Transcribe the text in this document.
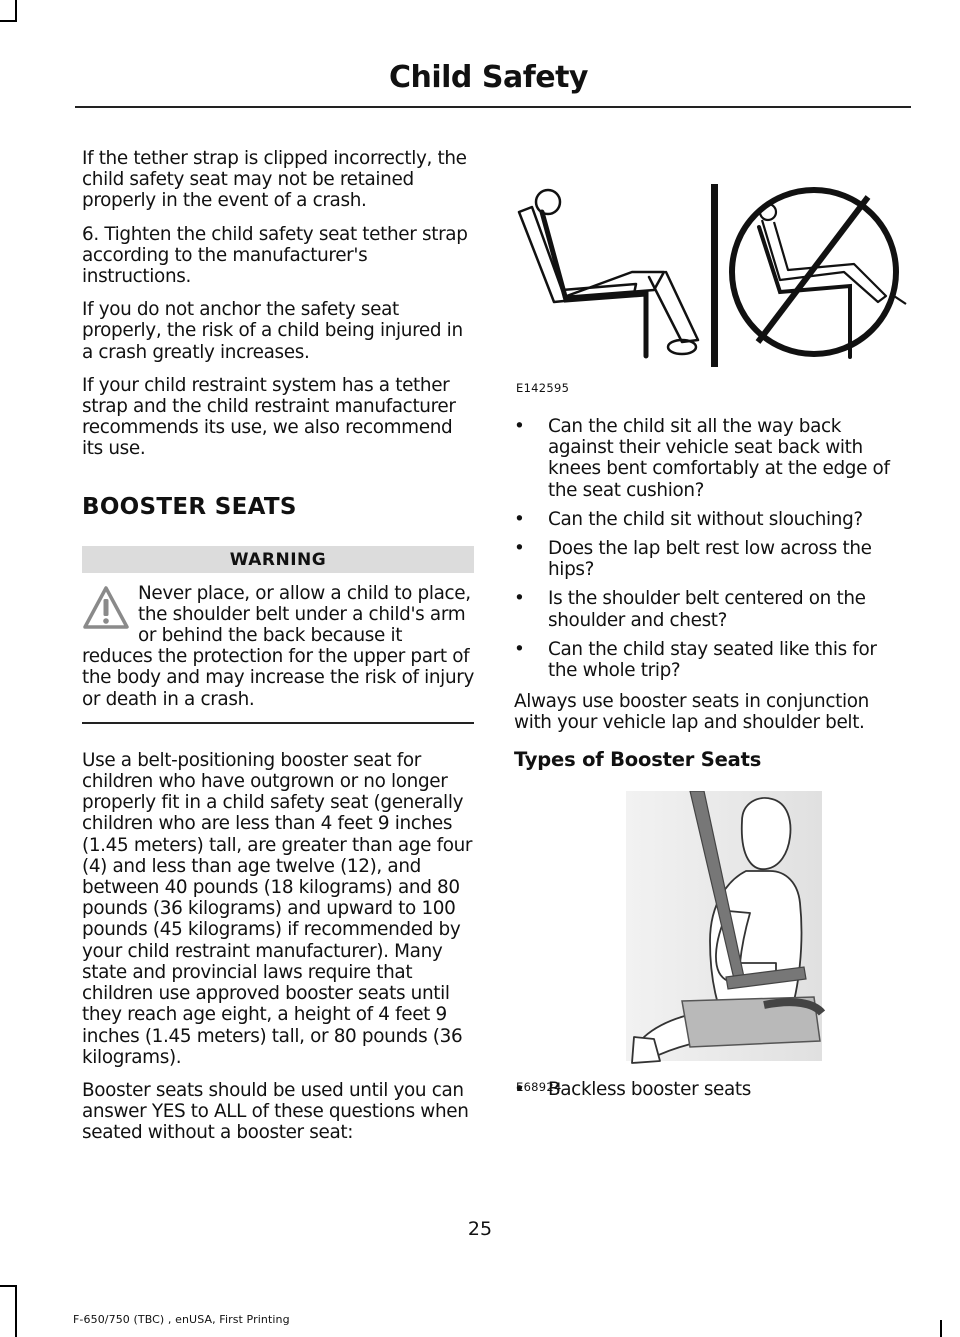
Child Safety

If the tether strap is clipped incorrectly, the child safety seat may not be retained properly in the event of a crash.

6. Tighten the child safety seat tether strap according to the manufacturer's instructions.

If you do not anchor the safety seat properly, the risk of a child being injured in a crash greatly increases.

If your child restraint system has a tether strap and the child restraint manufacturer recommends its use, we also recommend its use.

BOOSTER SEATS
WARNING
Never place, or allow a child to place, the shoulder belt under a child's arm or behind the back because it reduces the protection for the upper part of the body and may increase the risk of injury or death in a crash.

Use a belt-positioning booster seat for children who have outgrown or no longer properly fit in a child safety seat (generally children who are less than 4 feet 9 inches (1.45 meters) tall, are greater than age four (4) and less than age twelve (12), and between 40 pounds (18 kilograms) and 80 pounds (36 kilograms) and upward to 100 pounds (45 kilograms) if recommended by your child restraint manufacturer). Many state and provincial laws require that children use approved booster seats until they reach age eight, a height of 4 feet 9 inches (1.45 meters) tall, or 80 pounds (36 kilograms).

Booster seats should be used until you can answer YES to ALL of these questions when seated without a booster seat:

E142595
• Can the child sit all the way back against their vehicle seat back with knees bent comfortably at the edge of the seat cushion?
• Can the child sit without slouching?
• Does the lap belt rest low across the hips?
• Is the shoulder belt centered on the shoulder and chest?
• Can the child stay seated like this for the whole trip?

Always use booster seats in conjunction with your vehicle lap and shoulder belt.

Types of Booster Seats
E68924
• Backless booster seats
25
F-650/750 (TBC) , enUSA, First Printing
